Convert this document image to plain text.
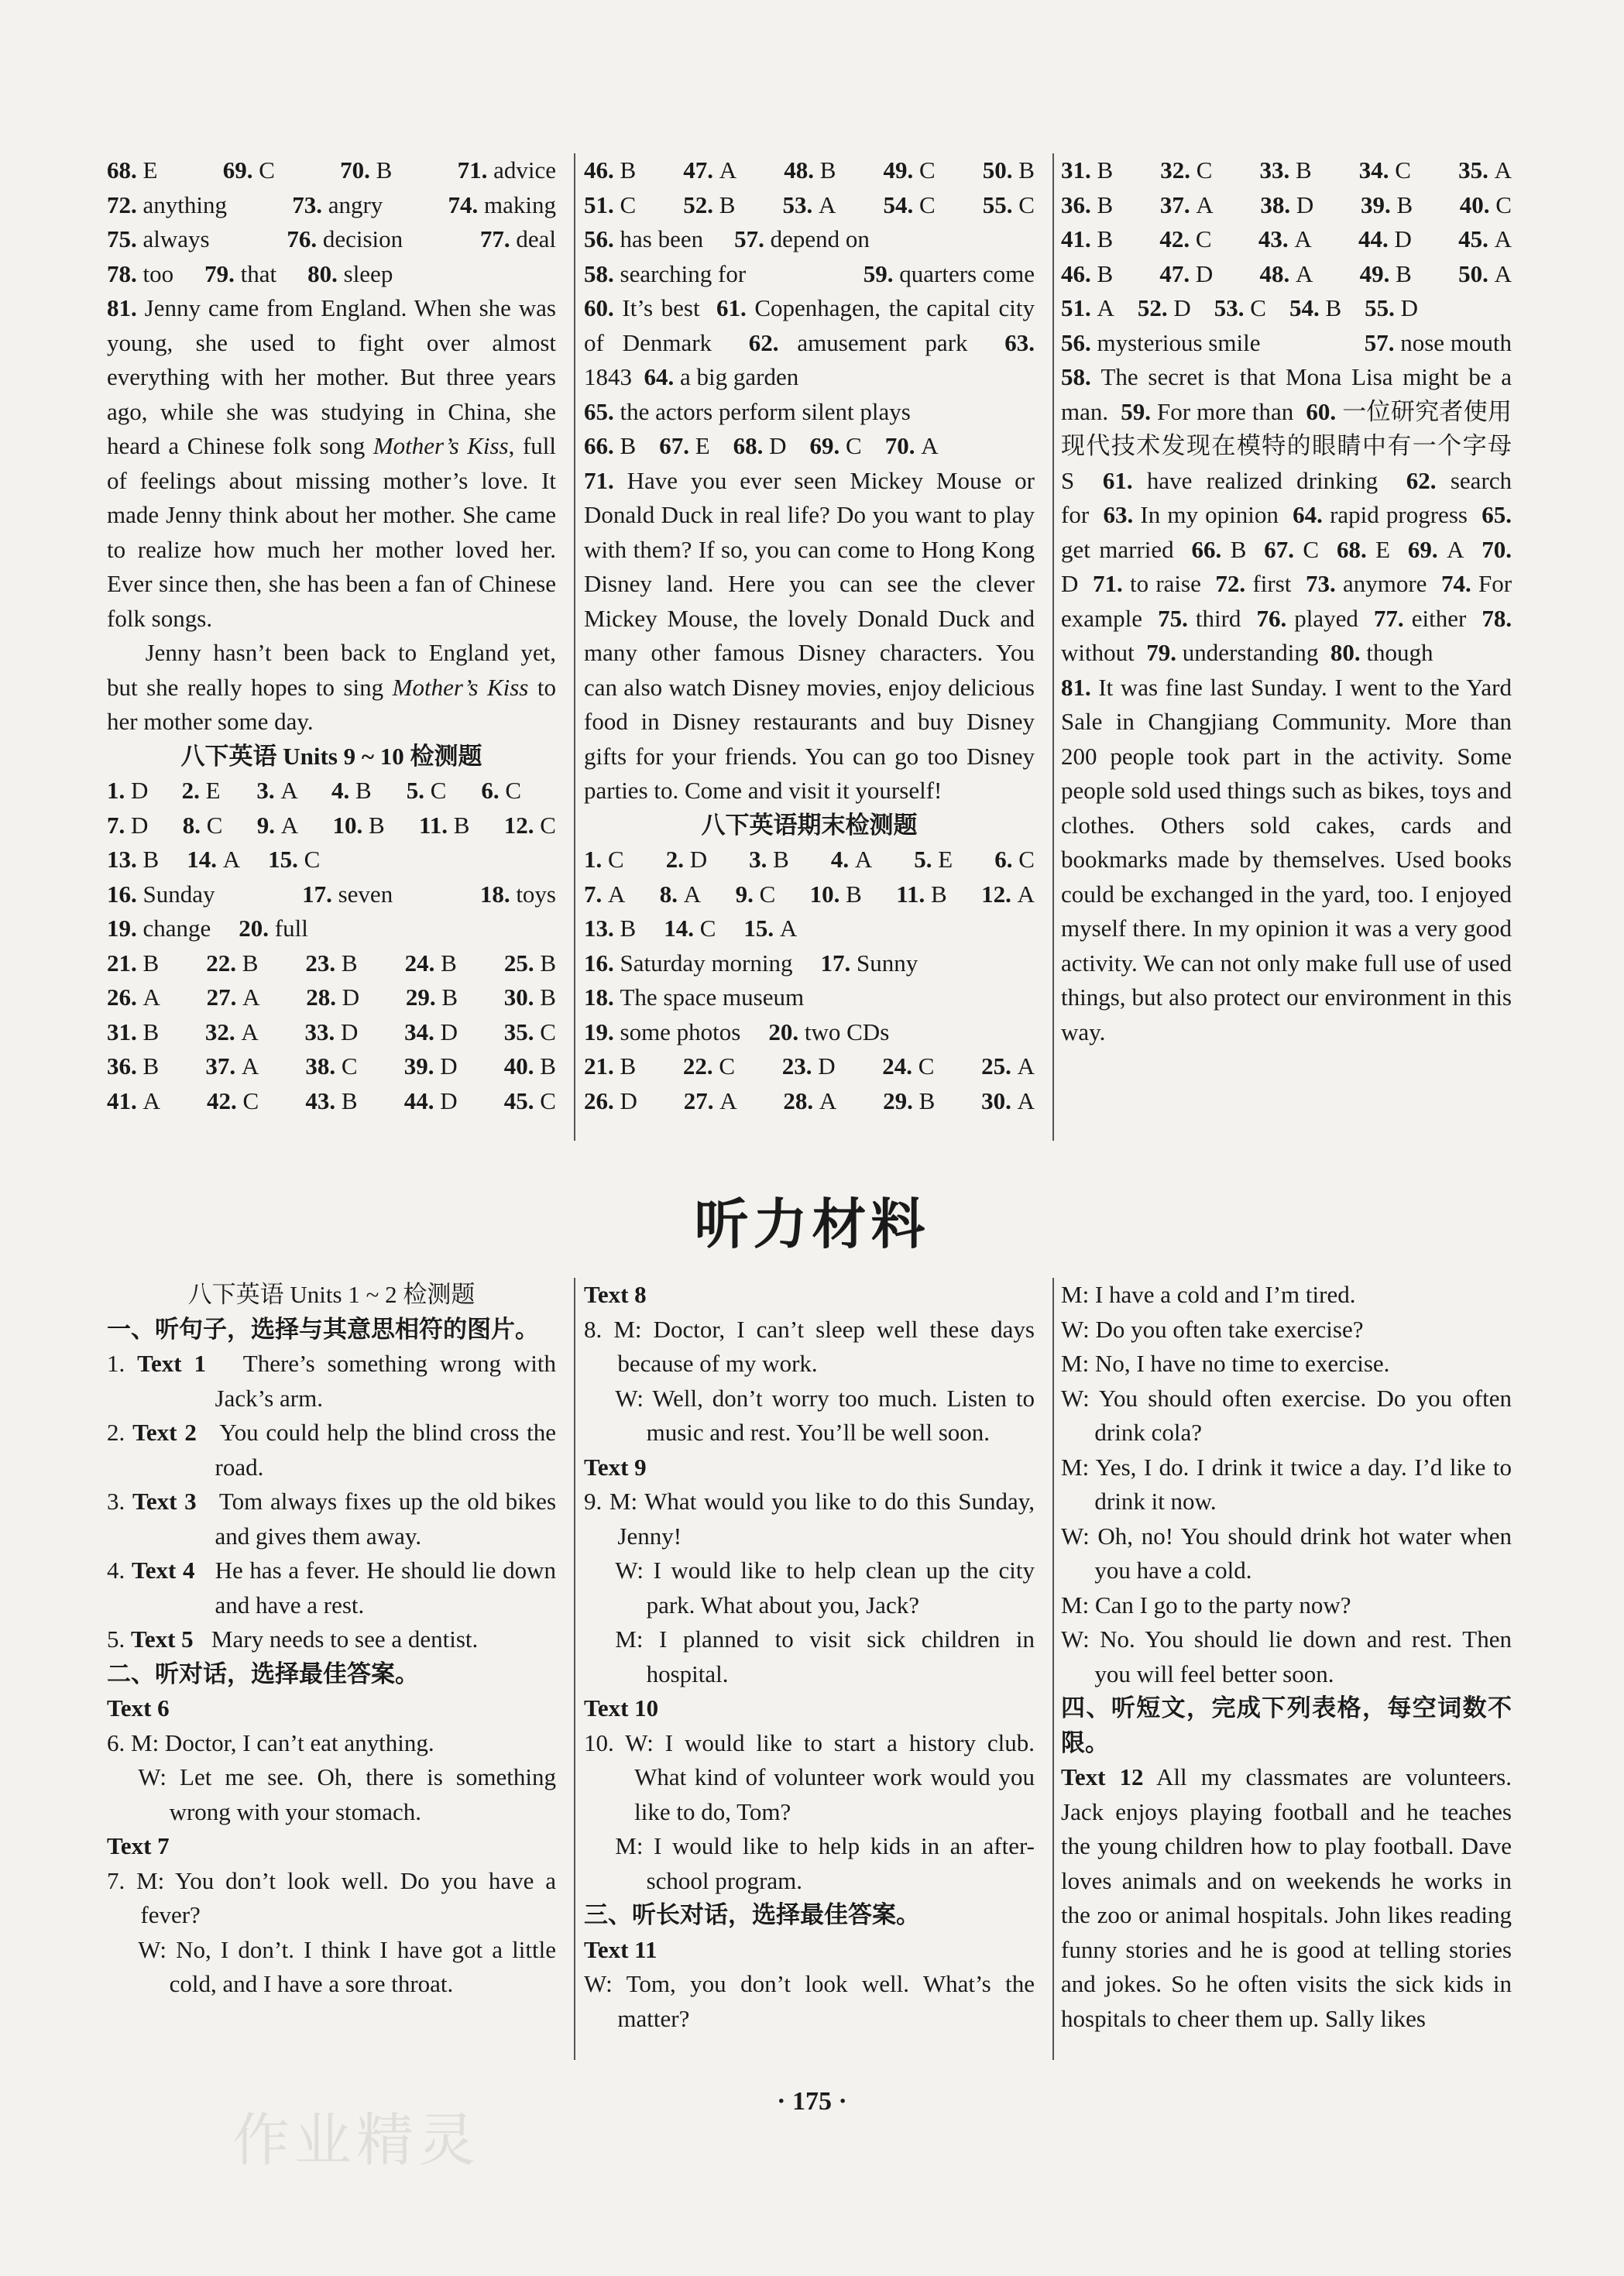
68. E	69. C	70. B	71. advice
72. anything	73. angry	74. making
75. always	76. decision	77. deal
78. too 79. that 80. sleep

81. Jenny came from England. When she was young, she used to fight over almost everything with her mother. But three years ago, while she was studying in China, she heard a Chinese folk song Mother’s Kiss, full of feelings about missing mother’s love. It made Jenny think about her mother. She came to realize how much her mother loved her. Ever since then, she has been a fan of Chinese folk songs.

Jenny hasn’t been back to England yet, but she really hopes to sing Mother’s Kiss to her mother some day.

八下英语 Units 9 ~ 10 检测题

1. D	2. E	3. A	4. B	5. C	6. C
7. D 8. C 9. A 10. B 11. B 12. C
13. B 14. A 15. C
16. Sunday	17. seven	18. toys
19. change 20. full
21. B 22. B 23. B 24. B 25. B
26. A 27. A 28. D 29. B 30. B
31. B 32. A 33. D 34. D 35. C
36. B 37. A 38. C 39. D 40. B
41. A 42. C 43. B 44. D 45. C
46. B 47. A 48. B 49. C 50. B
51. C 52. B 53. A 54. C 55. C
56. has been 57. depend on
58. searching for	59. quarters come

60. It’s best 61. Copenhagen, the capital city of Denmark 62. amusement park 63. 1843 64. a big garden

65. the actors perform silent plays

66. B 67. E 68. D 69. C 70. A

71. Have you ever seen Mickey Mouse or Donald Duck in real life? Do you want to play with them? If so, you can come to Hong Kong Disney land. Here you can see the clever Mickey Mouse, the lovely Donald Duck and many other famous Disney characters. You can also watch Disney movies, enjoy delicious food in Disney restaurants and buy Disney gifts for your friends. You can go too Disney parties to. Come and visit it yourself!

八下英语期末检测题

1. C 2. D 3. B 4. A 5. E 6. C
7. A 8. A 9. C 10. B 11. B 12. A
13. B 14. C 15. A
16. Saturday morning 17. Sunny
18. The space museum
19. some photos 20. two CDs
21. B 22. C 23. D 24. C 25. A
26. D 27. A 28. A 29. B 30. A
31. B 32. C 33. B 34. C 35. A
36. B 37. A 38. D 39. B 40. C
41. B 42. C 43. A 44. D 45. A
46. B 47. D 48. A 49. B 50. A
51. A 52. D 53. C 54. B 55. D
56. mysterious smile	57. nose mouth

58. The secret is that Mona Lisa might be a man. 59. For more than 60. 一位研究者使用现代技术发现在模特的眼睛中有一个字母 S 61. have realized drinking 62. search for 63. In my opinion 64. rapid progress 65. get married 66. B 67. C 68. E 69. A 70. D 71. to raise 72. first 73. anymore 74. For example 75. third 76. played 77. either 78. without 79. understanding 80. though

81. It was fine last Sunday. I went to the Yard Sale in Changjiang Community. More than 200 people took part in the activity. Some people sold used things such as bikes, toys and clothes. Others sold cakes, cards and bookmarks made by themselves. Used books could be exchanged in the yard, too. I enjoyed myself there. In my opinion it was a very good activity. We can not only make full use of used things, but also protect our environment in this way.

听力材料

八下英语 Units 1 ~ 2 检测题

一、听句子，选择与其意思相符的图片。

1. Text 1 There’s something wrong with Jack’s arm.

2. Text 2 You could help the blind cross the road.

3. Text 3 Tom always fixes up the old bikes and gives them away.

4. Text 4 He has a fever. He should lie down and have a rest.

5. Text 5 Mary needs to see a dentist.

二、听对话，选择最佳答案。

Text 6

6. M: Doctor, I can’t eat anything.

W: Let me see. Oh, there is something wrong with your stomach.

Text 7

7. M: You don’t look well. Do you have a fever?

W: No, I don’t. I think I have got a little cold, and I have a sore throat.

Text 8

8. M: Doctor, I can’t sleep well these days because of my work.

W: Well, don’t worry too much. Listen to music and rest. You’ll be well soon.

Text 9

9. M: What would you like to do this Sunday, Jenny!

W: I would like to help clean up the city park. What about you, Jack?

M: I planned to visit sick children in hospital.

Text 10

10. W: I would like to start a history club. What kind of volunteer work would you like to do, Tom?

M: I would like to help kids in an after-school program.

三、听长对话，选择最佳答案。

Text 11

W: Tom, you don’t look well. What’s the matter?

M: I have a cold and I’m tired.

W: Do you often take exercise?

M: No, I have no time to exercise.

W: You should often exercise. Do you often drink cola?

M: Yes, I do. I drink it twice a day. I’d like to drink it now.

W: Oh, no! You should drink hot water when you have a cold.

M: Can I go to the party now?

W: No. You should lie down and rest. Then you will feel better soon.

四、听短文，完成下列表格，每空词数不限。

Text 12 All my classmates are volunteers. Jack enjoys playing football and he teaches the young children how to play football. Dave loves animals and on weekends he works in the zoo or animal hospitals. John likes reading funny stories and he is good at telling stories and jokes. So he often visits the sick kids in hospitals to cheer them up. Sally likes

· 175 ·
作业精灵
